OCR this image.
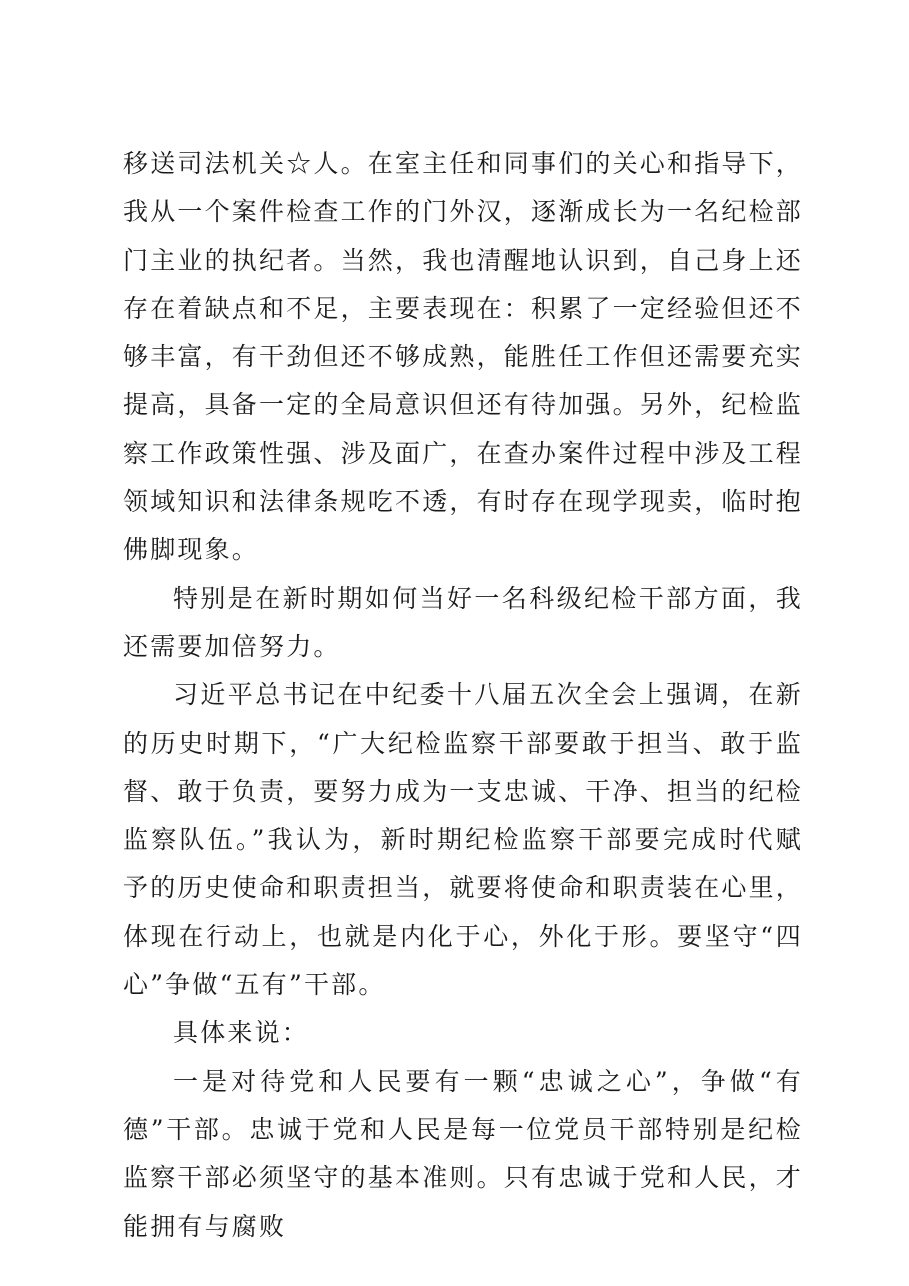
移送司法机关☆人。在室主任和同事们的关心和指导下，我从一个案件检查工作的门外汉，逐渐成长为一名纪检部门主业的执纪者。当然，我也清醒地认识到，自己身上还存在着缺点和不足，主要表现在：积累了一定经验但还不够丰富，有干劲但还不够成熟，能胜任工作但还需要充实提高，具备一定的全局意识但还有待加强。另外，纪检监察工作政策性强、涉及面广，在查办案件过程中涉及工程领域知识和法律条规吃不透，有时存在现学现卖，临时抱佛脚现象。

特别是在新时期如何当好一名科级纪检干部方面，我还需要加倍努力。

习近平总书记在中纪委十八届五次全会上强调，在新的历史时期下，“广大纪检监察干部要敢于担当、敢于监督、敢于负责，要努力成为一支忠诚、干净、担当的纪检监察队伍。”我认为，新时期纪检监察干部要完成时代赋予的历史使命和职责担当，就要将使命和职责装在心里，体现在行动上，也就是内化于心，外化于形。要坚守“四心”争做“五有”干部。

具体来说：

一是对待党和人民要有一颗“忠诚之心”，争做“有德”干部。忠诚于党和人民是每一位党员干部特别是纪检监察干部必须坚守的基本准则。只有忠诚于党和人民，才能拥有与腐败
